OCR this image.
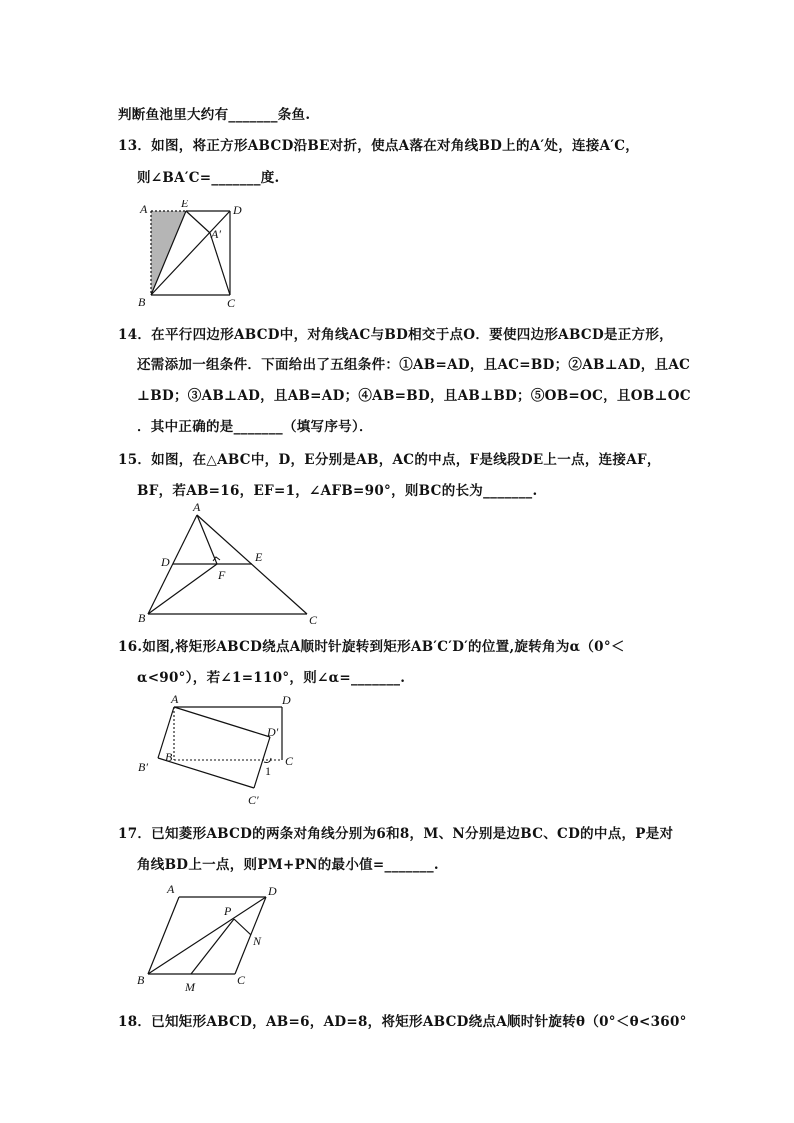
判断鱼池里大约有_______条鱼.
13．如图，将正方形ABCD沿BE对折，使点A落在对角线BD上的A′处，连接A′C，
则∠BA′C=_______度.
A	E	D
A′
B	C
14．在平行四边形ABCD中，对角线AC与BD相交于点O．要使四边形ABCD是正方形，
还需添加一组条件．下面给出了五组条件：①AB=AD，且AC=BD；②AB⊥AD，且AC
⊥BD；③AB⊥AD，且AB=AD；④AB=BD，且AB⊥BD；⑤OB=OC，且OB⊥OC
．其中正确的是_______（填写序号）．
15．如图，在△ABC中，D，E分别是AB，AC的中点，F是线段DE上一点，连接AF，
BF，若AB=16，EF=1，∠AFB=90°，则BC的长为_______.
A
D	E
F
B	C
16.如图,将矩形ABCD绕点A顺时针旋转到矩形AB′C′D′的位置,旋转角为α（0°＜
α<90°），若∠1=110°，则∠α=_______.
A	D
D′
B
B′	C
1
C′
17．已知菱形ABCD的两条对角线分别为6和8，M、N分别是边BC、CD的中点，P是对
角线BD上一点，则PM+PN的最小值=_______.
A	D
P
N
B	M	C
18．已知矩形ABCD，AB=6，AD=8，将矩形ABCD绕点A顺时针旋转θ（0°＜θ<360°
